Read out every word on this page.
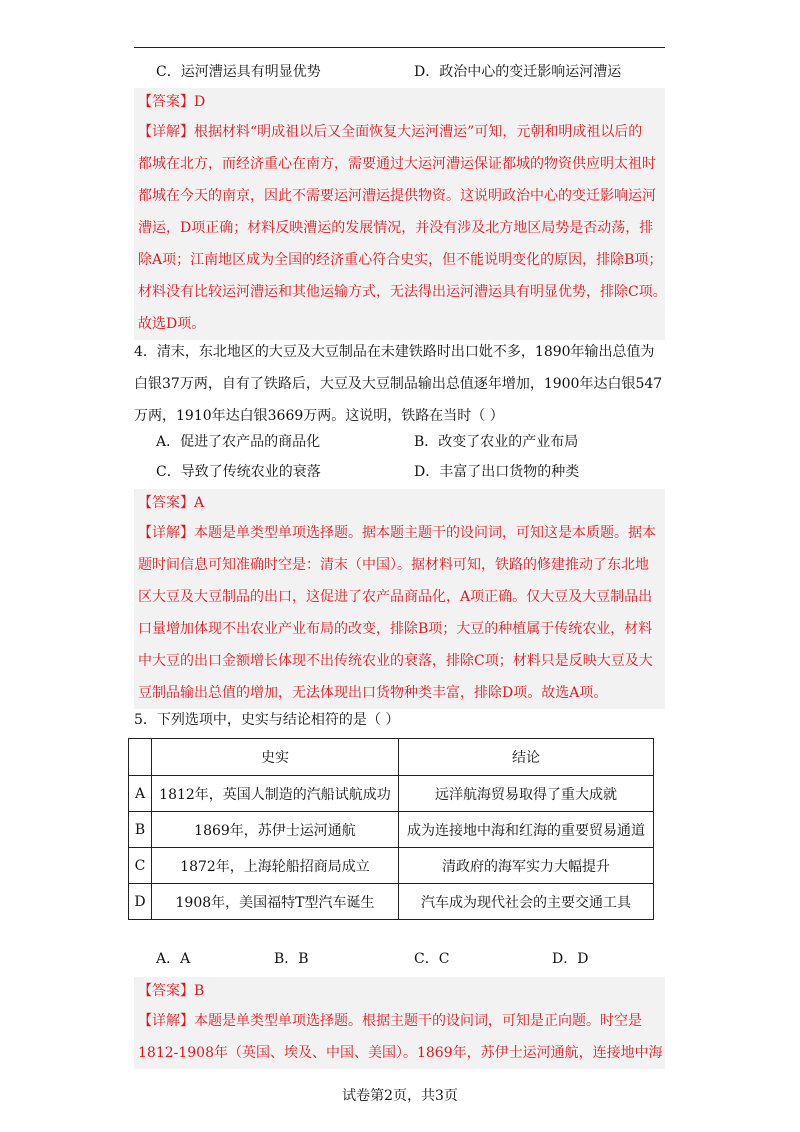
C．运河漕运具有明显优势	D．政治中心的变迁影响运河漕运
【答案】D
【详解】根据材料“明成祖以后又全面恢复大运河漕运”可知，元朝和明成祖以后的
都城在北方，而经济重心在南方，需要通过大运河漕运保证都城的物资供应明太祖时
都城在今天的南京，因此不需要运河漕运提供物资。这说明政治中心的变迁影响运河
漕运，D项正确；材料反映漕运的发展情况，并没有涉及北方地区局势是否动荡，排
除A项；江南地区成为全国的经济重心符合史实，但不能说明变化的原因，排除B项；
材料没有比较运河漕运和其他运输方式，无法得出运河漕运具有明显优势，排除C项。
故选D项。
4．清末，东北地区的大豆及大豆制品在未建铁路时出口妣不多，1890年输出总值为
白银37万两，自有了铁路后，大豆及大豆制品输出总值逐年增加，1900年达白银547
万两，1910年达白银3669万两。这说明，铁路在当时（ ）
A．促进了农产品的商品化	B．改变了农业的产业布局
C．导致了传统农业的衰落	D．丰富了出口货物的种类
【答案】A
【详解】本题是单类型单项选择题。据本题主题干的设问词，可知这是本质题。据本
题时间信息可知准确时空是：清末（中国）。据材料可知，铁路的修建推动了东北地
区大豆及大豆制品的出口，这促进了农产品商品化，A项正确。仅大豆及大豆制品出
口量增加体现不出农业产业布局的改变，排除B项；大豆的种植属于传统农业，材料
中大豆的出口金额增长体现不出传统农业的衰落，排除C项；材料只是反映大豆及大
豆制品输出总值的增加，无法体现出口货物种类丰富，排除D项。故选A项。
5．下列选项中，史实与结论相符的是（ ）
	史实	结论
A	1812年，英国人制造的汽船试航成功	远洋航海贸易取得了重大成就
B	1869年，苏伊士运河通航	成为连接地中海和红海的重要贸易通道
C	1872年，上海轮船招商局成立	清政府的海军实力大幅提升
D	1908年，美国福特T型汽车诞生	汽车成为现代社会的主要交通工具
A．A	B．B	C．C	D．D
【答案】B
【详解】本题是单类型单项选择题。根据主题干的设问词，可知是正向题。时空是
1812-1908年（英国、埃及、中国、美国）。1869年，苏伊士运河通航，连接地中海
试卷第2页，共3页
